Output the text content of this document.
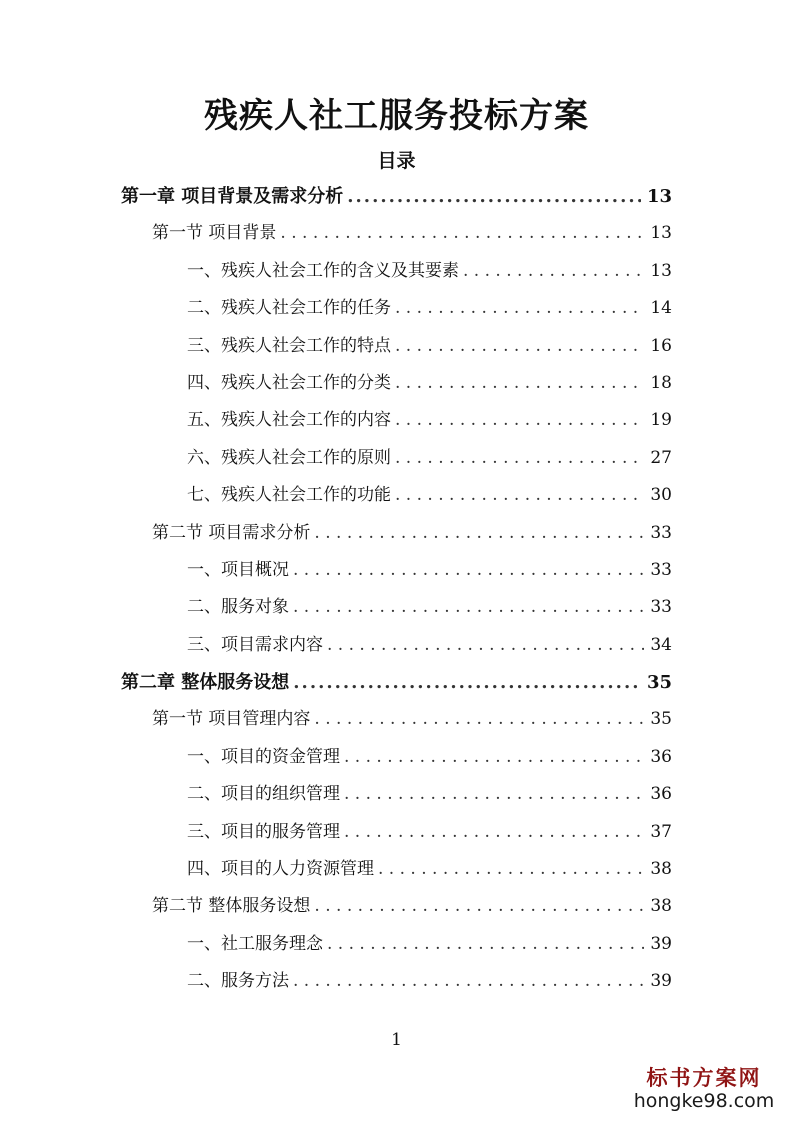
残疾人社工服务投标方案
目录
第一章 项目背景及需求分析 .....	13
第一节 项目背景 . . .	13
一、残疾人社会工作的含义及其要素 . . .	13
二、残疾人社会工作的任务 . . .	14
三、残疾人社会工作的特点 . . .	16
四、残疾人社会工作的分类 . . .	18
五、残疾人社会工作的内容 . . .	19
六、残疾人社会工作的原则 . . .	27
七、残疾人社会工作的功能 . . .	30
第二节 项目需求分析 . . .	33
一、项目概况 . . .	33
二、服务对象 . . .	33
三、项目需求内容 . . .	34
第二章 整体服务设想 .....	35
第一节 项目管理内容 . . .	35
一、项目的资金管理 . . .	36
二、项目的组织管理 . . .	36
三、项目的服务管理 . . .	37
四、项目的人力资源管理 . . .	38
第二节 整体服务设想 . . .	38
一、社工服务理念 . . .	39
二、服务方法 . . .	39
1
标书方案网
hongke98.com
